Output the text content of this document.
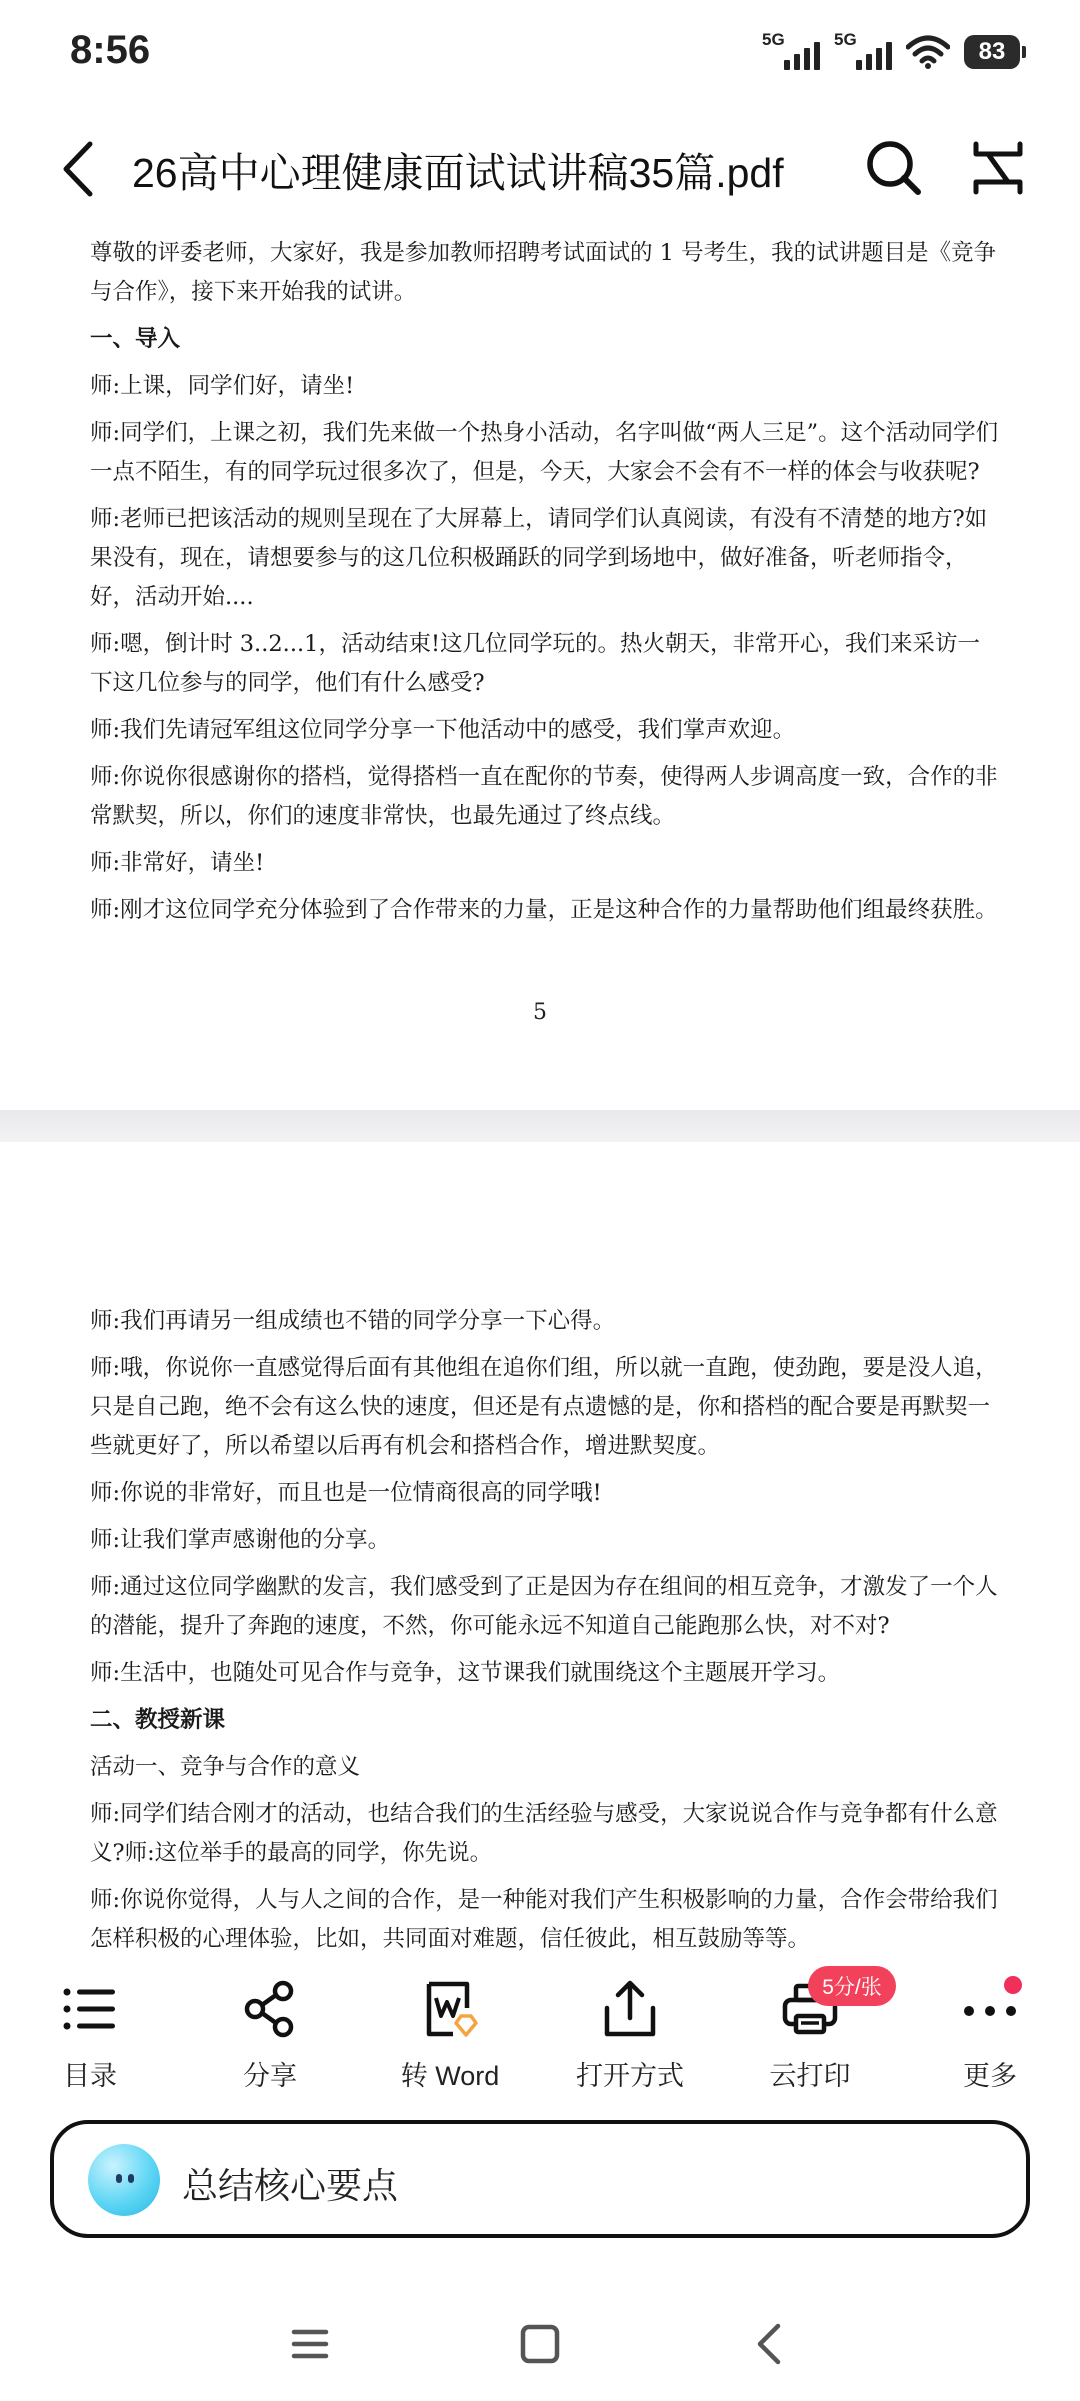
8:56	5G	5G	83
26高中心理健康面试试讲稿35篇.pdf

尊敬的评委老师，大家好，我是参加教师招聘考试面试的 1 号考生，我的试讲题目是《竞争与合作》，接下来开始我的试讲。

一、导入

师:上课，同学们好，请坐!

师:同学们，上课之初，我们先来做一个热身小活动，名字叫做“两人三足”。这个活动同学们一点不陌生，有的同学玩过很多次了，但是，今天，大家会不会有不一样的体会与收获呢?

师:老师已把该活动的规则呈现在了大屏幕上，请同学们认真阅读，有没有不清楚的地方?如果没有，现在，请想要参与的这几位积极踊跃的同学到场地中，做好准备，听老师指令，好，活动开始....

师:嗯，倒计时 3..2...1，活动结束!这几位同学玩的。热火朝天，非常开心，我们来采访一下这几位参与的同学，他们有什么感受?

师:我们先请冠军组这位同学分享一下他活动中的感受，我们掌声欢迎。

师:你说你很感谢你的搭档，觉得搭档一直在配你的节奏，使得两人步调高度一致，合作的非常默契，所以，你们的速度非常快，也最先通过了终点线。

师:非常好，请坐!

师:刚才这位同学充分体验到了合作带来的力量，正是这种合作的力量帮助他们组最终获胜。

5

师:我们再请另一组成绩也不错的同学分享一下心得。

师:哦，你说你一直感觉得后面有其他组在追你们组，所以就一直跑，使劲跑，要是没人追，只是自己跑，绝不会有这么快的速度，但还是有点遗憾的是，你和搭档的配合要是再默契一些就更好了，所以希望以后再有机会和搭档合作，增进默契度。

师:你说的非常好，而且也是一位情商很高的同学哦!

师:让我们掌声感谢他的分享。

师:通过这位同学幽默的发言，我们感受到了正是因为存在组间的相互竞争，才激发了一个人的潜能，提升了奔跑的速度，不然，你可能永远不知道自己能跑那么快，对不对?

师:生活中，也随处可见合作与竞争，这节课我们就围绕这个主题展开学习。

二、教授新课

活动一、竞争与合作的意义

师:同学们结合刚才的活动，也结合我们的生活经验与感受，大家说说合作与竞争都有什么意义?师:这位举手的最高的同学，你先说。

师:你说你觉得，人与人之间的合作，是一种能对我们产生积极影响的力量，合作会带给我们怎样积极的心理体验，比如，共同面对难题，信任彼此，相互鼓励等等。

目录	分享	转 Word	打开方式	云打印	更多
5分/张
总结核心要点
